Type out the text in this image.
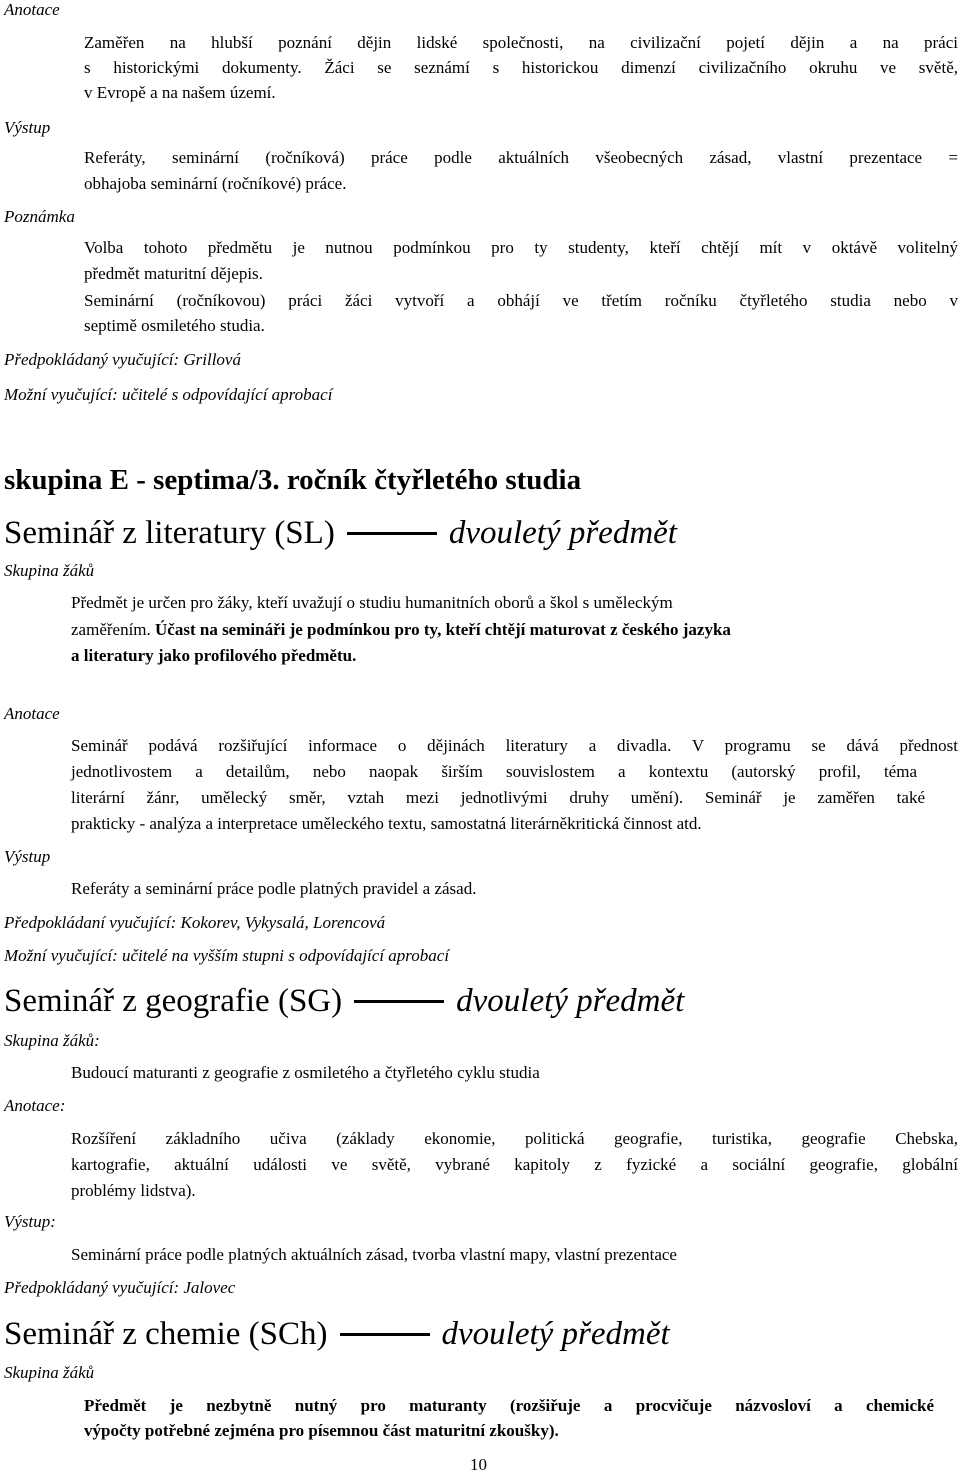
Anotace
Zaměřen na hlubší poznání dějin lidské společnosti, na civilizační pojetí dějin a na práci
s historickými dokumenty. Žáci se seznámí s historickou dimenzí civilizačního okruhu ve světě,
v Evropě a na našem území.
Výstup
Referáty, seminární (ročníková) práce podle aktuálních všeobecných zásad, vlastní prezentace =
obhajoba seminární (ročníkové) práce.
Poznámka
Volba tohoto předmětu je nutnou podmínkou pro ty studenty, kteří chtějí mít v oktávě volitelný
předmět maturitní dějepis.
Seminární (ročníkovou) práci žáci vytvoří a obhájí ve třetím ročníku čtyřletého studia nebo v
septimě osmiletého studia.
Předpokládaný vyučující: Grillová
Možní vyučující: učitelé s odpovídající aprobací
skupina E - septima/3. ročník čtyřletého studia
Seminář z literatury (SL)	dvouletý předmět
Skupina žáků
Předmět je určen pro žáky, kteří uvažují o studiu humanitních oborů a škol s uměleckým
zaměřením. Účast na semináři je podmínkou pro ty, kteří chtějí maturovat z českého jazyka
a literatury jako profilového předmětu.
Anotace
Seminář podává rozšiřující informace o dějinách literatury a divadla. V programu se dává přednost
jednotlivostem a detailům, nebo naopak širším souvislostem a kontextu (autorský profil, téma
literární žánr, umělecký směr, vztah mezi jednotlivými druhy umění). Seminář je zaměřen také
prakticky - analýza a interpretace uměleckého textu, samostatná literárněkritická činnost atd.
Výstup
Referáty a seminární práce podle platných pravidel a zásad.
Předpokládaní vyučující: Kokorev, Vykysalá, Lorencová
Možní vyučující: učitelé na vyšším stupni s odpovídající aprobací
Seminář z geografie (SG)	dvouletý předmět
Skupina žáků:
Budoucí maturanti z geografie z osmiletého a čtyřletého cyklu studia
Anotace:
Rozšíření základního učiva (základy ekonomie, politická geografie, turistika, geografie Chebska,
kartografie, aktuální události ve světě, vybrané kapitoly z fyzické a sociální geografie, globální
problémy lidstva).
Výstup:
Seminární práce podle platných aktuálních zásad, tvorba vlastní mapy, vlastní prezentace
Předpokládaný vyučující: Jalovec
Seminář z chemie (SCh)	dvouletý předmět
Skupina žáků
Předmět je nezbytně nutný pro maturanty (rozšiřuje a procvičuje názvosloví a chemické
výpočty potřebné zejména pro písemnou část maturitní zkoušky).
10
